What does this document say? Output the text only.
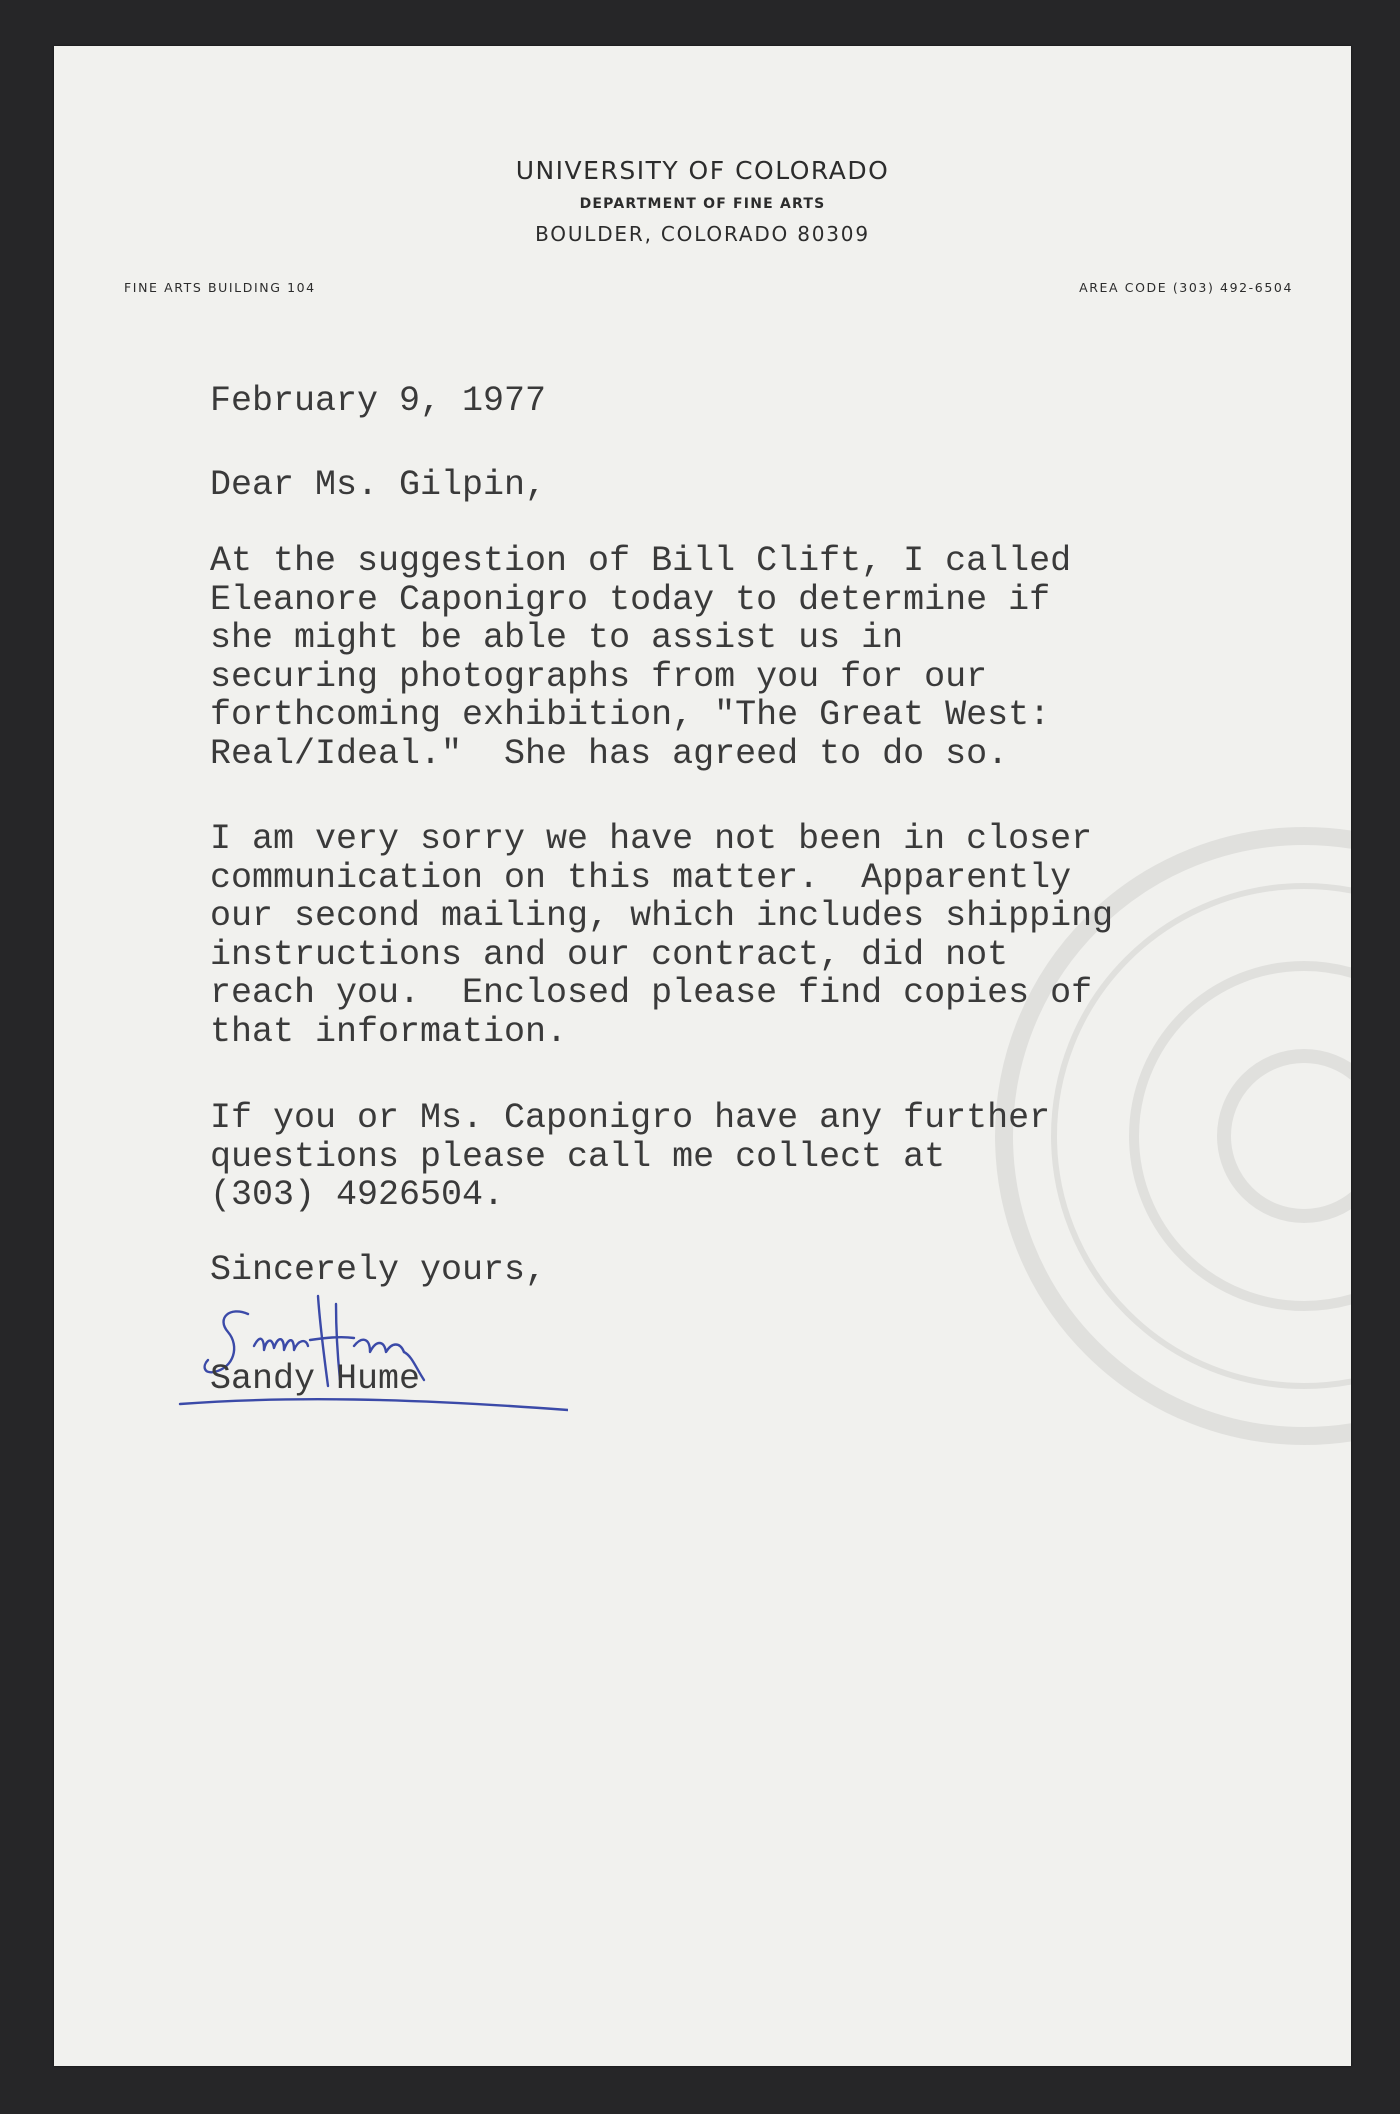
UNIVERSITY OF COLORADO
DEPARTMENT OF FINE ARTS
BOULDER, COLORADO 80309
FINE ARTS BUILDING 104	AREA CODE (303) 492-6504
February 9, 1977
Dear Ms. Gilpin,
At the suggestion of Bill Clift, I called
Eleanore Caponigro today to determine if
she might be able to assist us in
securing photographs from you for our
forthcoming exhibition, "The Great West:
Real/Ideal."  She has agreed to do so.
I am very sorry we have not been in closer
communication on this matter.  Apparently
our second mailing, which includes shipping
instructions and our contract, did not
reach you.  Enclosed please find copies of
that information.
If you or Ms. Caponigro have any further
questions please call me collect at
(303) 4926504.
Sincerely yours,
Sandy Hume
